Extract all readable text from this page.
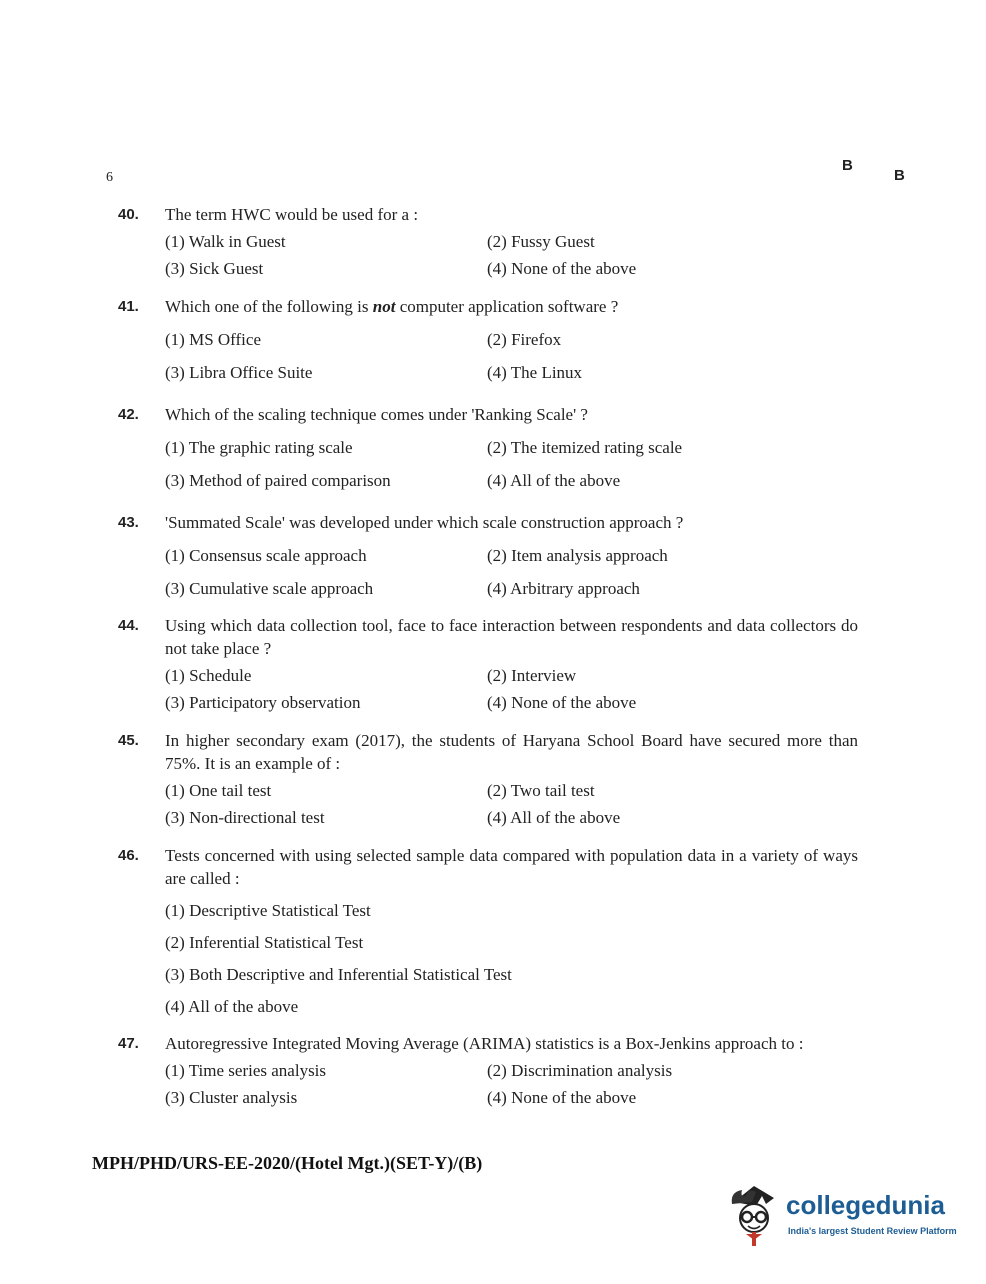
6
B
B
40. The term HWC would be used for a :
(1) Walk in Guest	(2) Fussy Guest
(3) Sick Guest	(4) None of the above
41. Which one of the following is not computer application software ?
(1) MS Office	(2) Firefox
(3) Libra Office Suite	(4) The Linux
42. Which of the scaling technique comes under 'Ranking Scale' ?
(1) The graphic rating scale	(2) The itemized rating scale
(3) Method of paired comparison	(4) All of the above
43. 'Summated Scale' was developed under which scale construction approach ?
(1) Consensus scale approach	(2) Item analysis approach
(3) Cumulative scale approach	(4) Arbitrary approach
44. Using which data collection tool, face to face interaction between respondents and data collectors do not take place ?
(1) Schedule	(2) Interview
(3) Participatory observation	(4) None of the above
45. In higher secondary exam (2017), the students of Haryana School Board have secured more than 75%. It is an example of :
(1) One tail test	(2) Two tail test
(3) Non-directional test	(4) All of the above
46. Tests concerned with using selected sample data compared with population data in a variety of ways are called :
(1) Descriptive Statistical Test
(2) Inferential Statistical Test
(3) Both Descriptive and Inferential Statistical Test
(4) All of the above
47. Autoregressive Integrated Moving Average (ARIMA) statistics is a Box-Jenkins approach to :
(1) Time series analysis	(2) Discrimination analysis
(3) Cluster analysis	(4) None of the above
MPH/PHD/URS-EE-2020/(Hotel Mgt.)(SET-Y)/(B)
collegedunia
India's largest Student Review Platform
